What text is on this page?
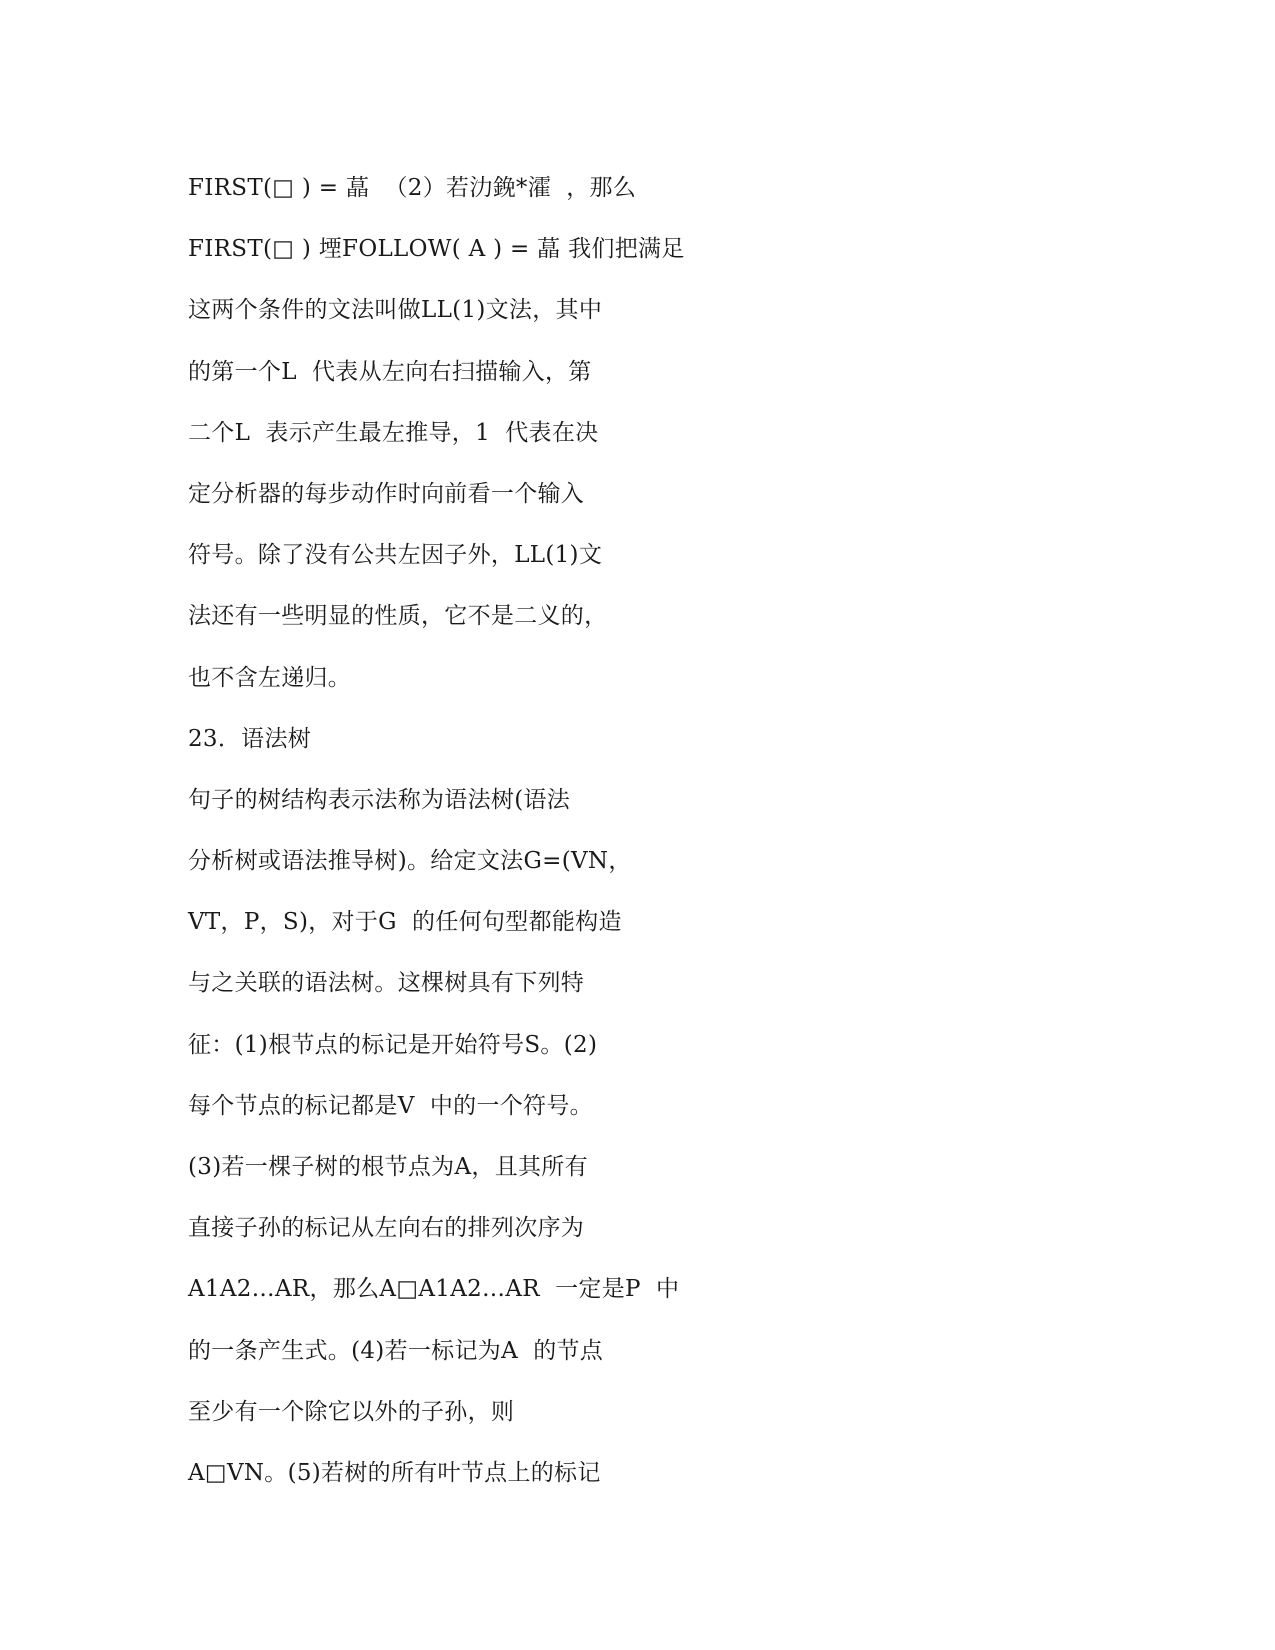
FIRST(□ ) = 蕌  （2）若氻鋔*瀖  ，那么
FIRST(□ ) 堙FOLLOW( A ) = 蕌 我们把满足
这两个条件的文法叫做LL(1)文法，其中
的第一个L  代表从左向右扫描输入，第
二个L  表示产生最左推导，1  代表在决
定分析器的每步动作时向前看一个输入
符号。除了没有公共左因子外，LL(1)文
法还有一些明显的性质，它不是二义的，
也不含左递归。
23．语法树
句子的树结构表示法称为语法树(语法
分析树或语法推导树)。给定文法G=(VN，
VT，P，S)，对于G  的任何句型都能构造
与之关联的语法树。这棵树具有下列特
征：(1)根节点的标记是开始符号S。(2)
每个节点的标记都是V  中的一个符号。
(3)若一棵子树的根节点为A，且其所有
直接子孙的标记从左向右的排列次序为
A1A2…AR，那么A□A1A2…AR  一定是P  中
的一条产生式。(4)若一标记为A  的节点
至少有一个除它以外的子孙，则
A□VN。(5)若树的所有叶节点上的标记
